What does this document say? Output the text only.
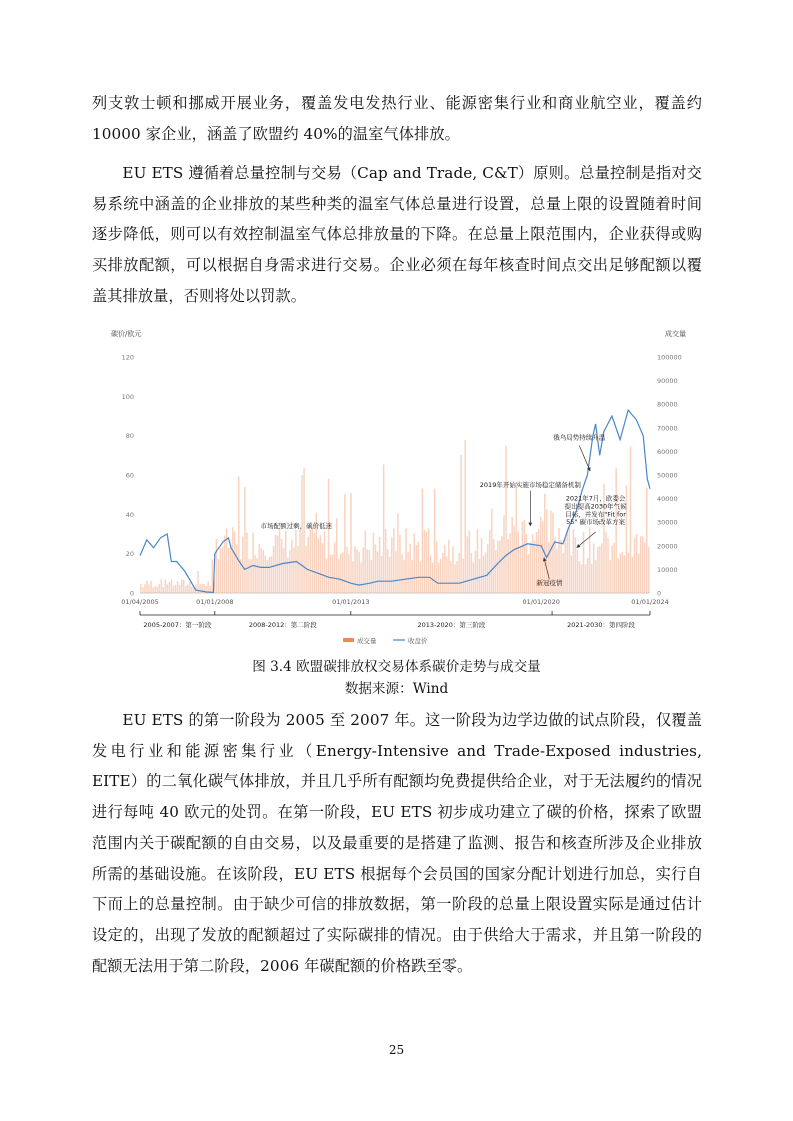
列支敦士顿和挪威开展业务，覆盖发电发热行业、能源密集行业和商业航空业，覆盖约 10000 家企业，涵盖了欧盟约 40%的温室气体排放。

EU ETS 遵循着总量控制与交易（Cap and Trade, C&T）原则。总量控制是指对交易系统中涵盖的企业排放的某些种类的温室气体总量进行设置，总量上限的设置随着时间逐步降低，则可以有效控制温室气体总排放量的下降。在总量上限范围内，企业获得或购买排放配额，可以根据自身需求进行交易。企业必须在每年核查时间点交出足够配额以覆盖其排放量，否则将处以罚款。

碳价/欧元	成交量
0
20
40
60
80
100
120
0
10000
20000
30000
40000
50000
60000
70000
80000
90000
100000
01/04/2005	01/01/2008	01/01/2013	01/01/2020	01/01/2024
市场配额过剩，碳价低迷
2019年开始实施市场稳定储备机制
俄乌局势持续升温
2021年7月，欧委会
提出提高2030年气候
目标，并发布"Fit for
55" 碳市场改革方案
新冠疫情
2005-2007：第一阶段	2008-2012：第二阶段	2013-2020：第三阶段	2021-2030：第四阶段
成交量	收盘价
图 3.4 欧盟碳排放权交易体系碳价走势与成交量
数据来源：Wind

EU ETS 的第一阶段为 2005 至 2007 年。这一阶段为边学边做的试点阶段，仅覆盖发电行业和能源密集行业（Energy-Intensive and Trade-Exposed industries, EITE）的二氧化碳气体排放，并且几乎所有配额均免费提供给企业，对于无法履约的情况进行每吨 40 欧元的处罚。在第一阶段，EU ETS 初步成功建立了碳的价格，探索了欧盟范围内关于碳配额的自由交易，以及最重要的是搭建了监测、报告和核查所涉及企业排放所需的基础设施。在该阶段，EU ETS 根据每个会员国的国家分配计划进行加总，实行自下而上的总量控制。由于缺少可信的排放数据，第一阶段的总量上限设置实际是通过估计设定的，出现了发放的配额超过了实际碳排的情况。由于供给大于需求，并且第一阶段的配额无法用于第二阶段，2006 年碳配额的价格跌至零。

25
